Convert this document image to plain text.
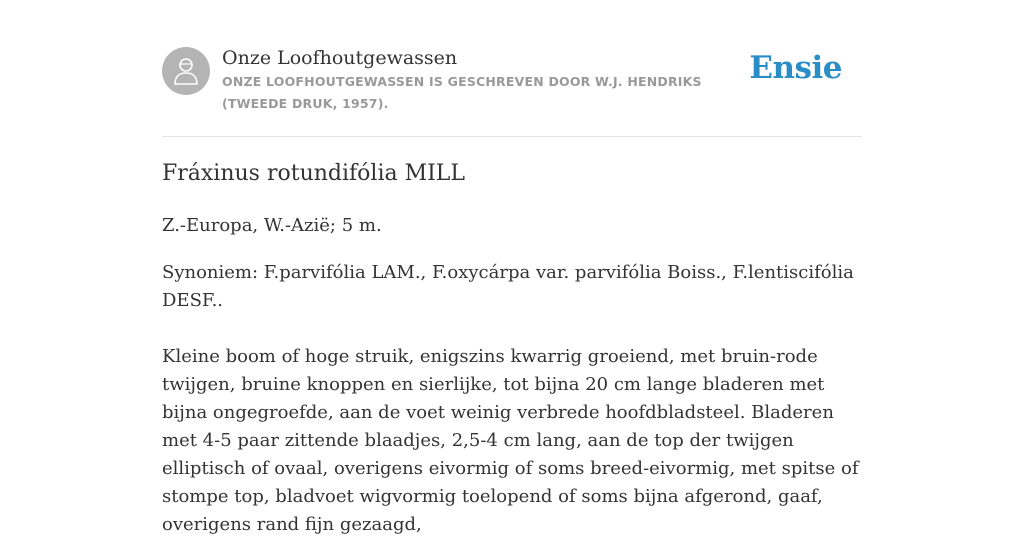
Onze Loofhoutgewassen

ONZE LOOFHOUTGEWASSEN IS GESCHREVEN DOOR W.J. HENDRIKS (TWEEDE DRUK, 1957).

Ensie
Fráxinus rotundifólia MILL

Z.-Europa, W.-Azië; 5 m.

Synoniem: F.parvifólia LAM., F.oxycárpa var. parvifólia Boiss., F.lentiscifólia DESF..

Kleine boom of hoge struik, enigszins kwarrig groeiend, met bruin-rode twijgen, bruine knoppen en sierlijke, tot bijna 20 cm lange bladeren met bijna ongegroefde, aan de voet weinig verbrede hoofdbladsteel. Bladeren met 4-5 paar zittende blaadjes, 2,5-4 cm lang, aan de top der twijgen elliptisch of ovaal, overigens eivormig of soms breed-eivormig, met spitse of stompe top, bladvoet wigvormig toelopend of soms bijna afgerond, gaaf, overigens rand fijn gezaagd,
